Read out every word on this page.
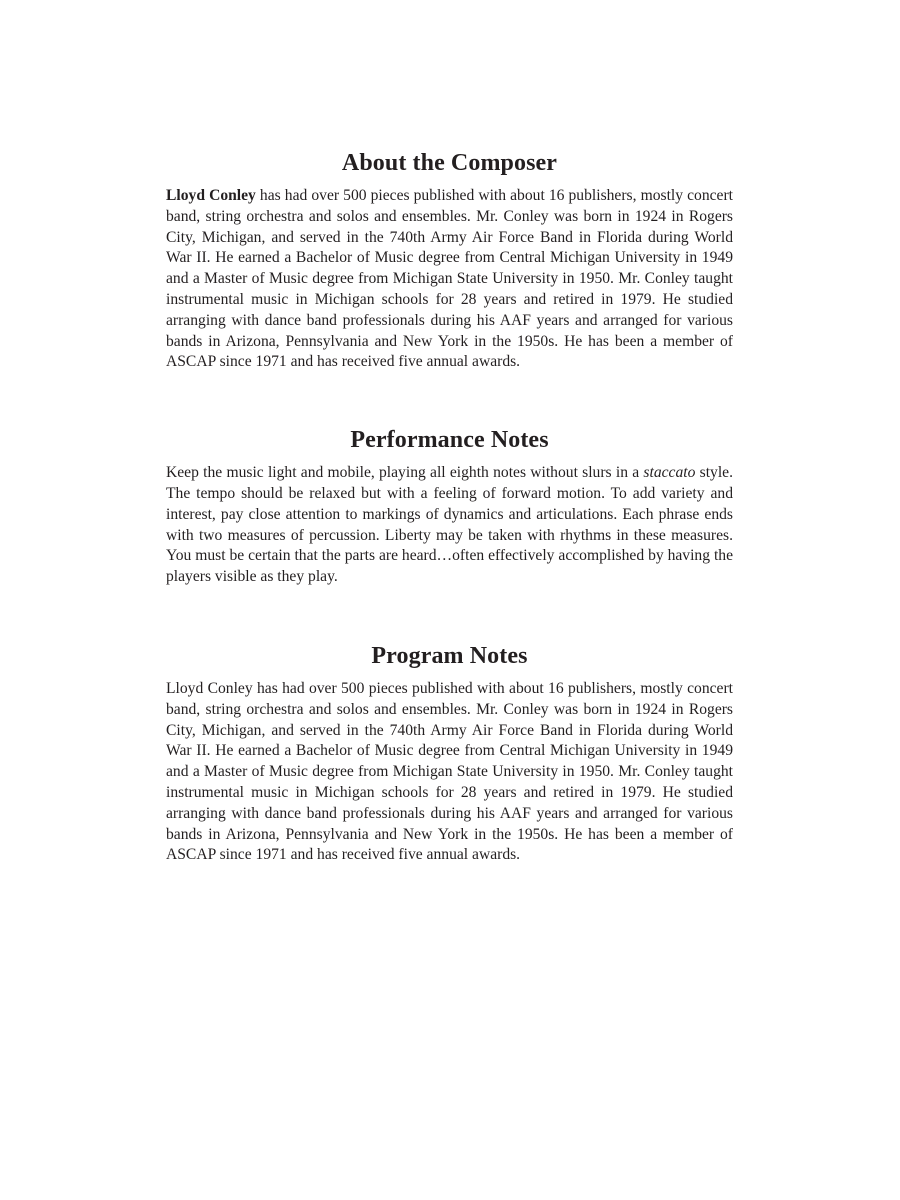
About the Composer

Lloyd Conley has had over 500 pieces published with about 16 publishers, mostly concert band, string orchestra and solos and ensembles. Mr. Conley was born in 1924 in Rogers City, Michigan, and served in the 740th Army Air Force Band in Florida during World War II. He earned a Bachelor of Music degree from Central Michigan University in 1949 and a Master of Music degree from Michigan State University in 1950. Mr. Conley taught instrumental music in Michigan schools for 28 years and retired in 1979. He studied arranging with dance band professionals during his AAF years and arranged for various bands in Arizona, Pennsylvania and New York in the 1950s. He has been a member of ASCAP since 1971 and has received five annual awards.

Performance Notes

Keep the music light and mobile, playing all eighth notes without slurs in a staccato style. The tempo should be relaxed but with a feeling of forward motion. To add variety and interest, pay close attention to markings of dynamics and articulations. Each phrase ends with two measures of percussion. Liberty may be taken with rhythms in these measures. You must be certain that the parts are heard…often effectively accomplished by having the players visible as they play.

Program Notes

Lloyd Conley has had over 500 pieces published with about 16 publishers, mostly concert band, string orchestra and solos and ensembles. Mr. Conley was born in 1924 in Rogers City, Michigan, and served in the 740th Army Air Force Band in Florida during World War II. He earned a Bachelor of Music degree from Central Michigan University in 1949 and a Master of Music degree from Michigan State University in 1950. Mr. Conley taught instrumental music in Michigan schools for 28 years and retired in 1979. He studied arranging with dance band professionals during his AAF years and arranged for various bands in Arizona, Pennsylvania and New York in the 1950s. He has been a member of ASCAP since 1971 and has received five annual awards.
